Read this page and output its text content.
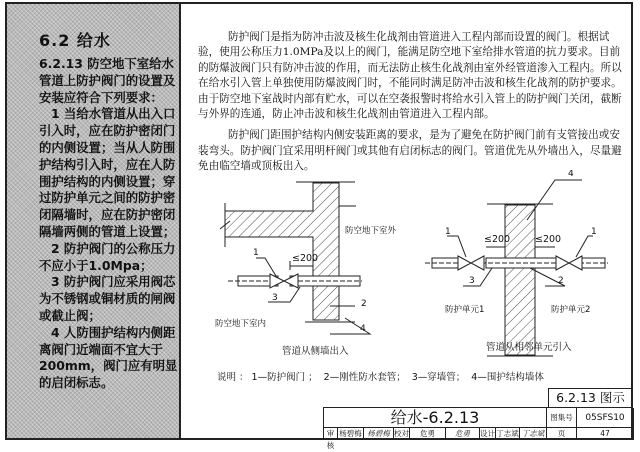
6.2 给水

6.2.13 防空地下室给水管道上防护阀门的设置及安装应符合下列要求：

1 当给水管道从出入口引入时，应在防护密闭门的内侧设置；当从人防围护结构引入时，应在人防围护结构的内侧设置；穿过防护单元之间的防护密闭隔墙时，应在防护密闭隔墙两侧的管道上设置；

2 防护阀门的公称压力不应小于1.0Mpa；

3 防护阀门应采用阀芯为不锈钢或铜材质的闸阀或截止阀；

4 人防围护结构内侧距离阀门近端面不宜大于200mm，阀门应有明显的启闭标志。

防护阀门是指为防冲击波及核生化战剂由管道进入工程内部而设置的阀门。根据试验，使用公称压力1.0MPa及以上的阀门，能满足防空地下室给排水管道的抗力要求。目前的防爆波阀门只有防冲击波的作用，而无法防止核生化战剂由室外经管道渗入工程内。所以在给水引入管上单独使用防爆波阀门时，不能同时满足防冲击波和核生化战剂的防护要求。由于防空地下室战时内部有贮水，可以在空袭报警时将给水引入管上的防护阀门关闭，截断与外界的连通，防止冲击波和核生化战剂由管道进入工程内部。

防护阀门距围护结构内侧安装距离的要求，是为了避免在防护阀门前有支管接出或安装弯头。防护阀门宜采用明杆阀门或其他有启闭标志的阀门。管道优先从外墙出入，尽量避免由临空墙或顶板出入。

≤200
1
2
3
4
防空地下室外
防空地下室内
管道从侧墙出入
≤200	≤200
1	1
2
3
4
防护单元1	防护单元2
管道从相邻单元引入
说明 ： 1—防护阀门 ；  2—刚性防水套管；  3—穿墙管；  4—围护结构墙体
6.2.13 图示
给水-6.2.13	图集号	05SFS10
审核
杨碧梅 杨碧梅 校对	危勇	危勇	设计 丁志斌 丁志斌	页	47
